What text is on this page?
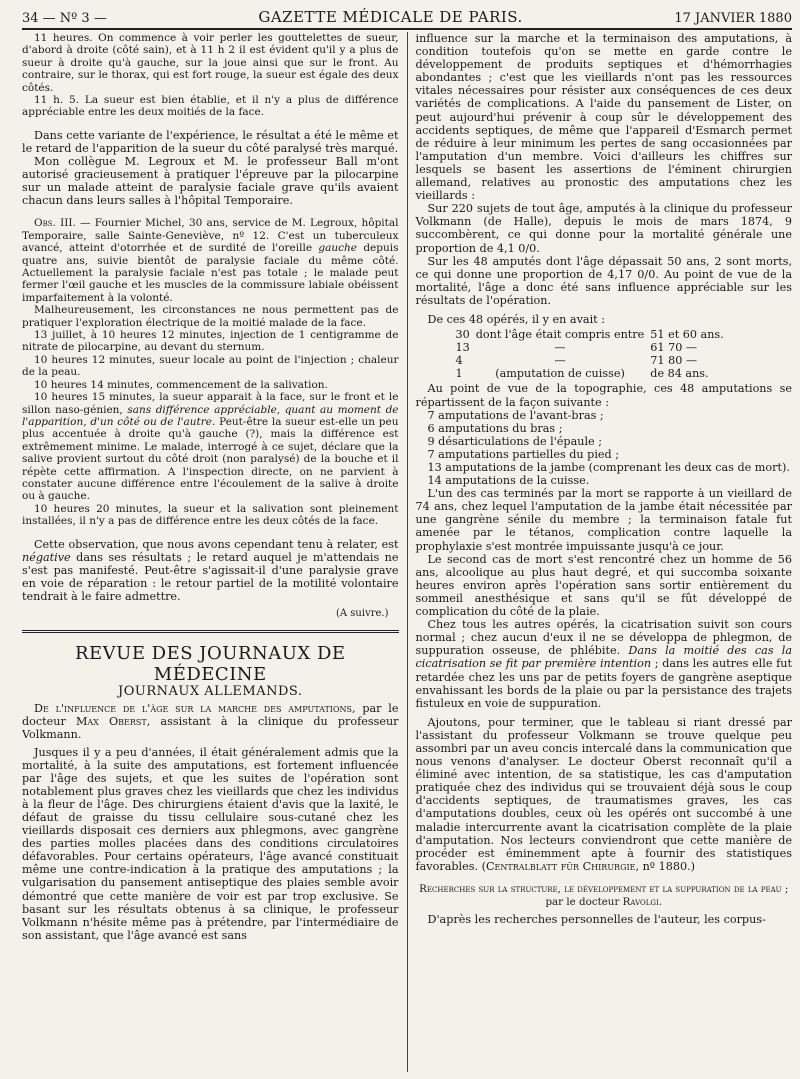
34 — Nº 3 —	GAZETTE MÉDICALE DE PARIS.	17 JANVIER 1880

11 heures. On commence à voir perler les gouttelettes de sueur, d'abord à droite (côté sain), et à 11 h 2 il est évident qu'il y a plus de sueur à droite qu'à gauche, sur la joue ainsi que sur le front. Au contraire, sur le thorax, qui est fort rouge, la sueur est égale des deux côtés.

11 h. 5. La sueur est bien établie, et il n'y a plus de différence appréciable entre les deux moitiés de la face.

Dans cette variante de l'expérience, le résultat a été le même et le retard de l'apparition de la sueur du côté paralysé très marqué.

Mon collègue M. Legroux et M. le professeur Ball m'ont autorisé gracieusement à pratiquer l'épreuve par la pilocarpine sur un malade atteint de paralysie faciale grave qu'ils avaient chacun dans leurs salles à l'hôpital Temporaire.

Obs. III. — Fournier Michel, 30 ans, service de M. Legroux, hôpital Temporaire, salle Sainte-Geneviève, nº 12. C'est un tuberculeux avancé, atteint d'otorrhée et de surdité de l'oreille gauche depuis quatre ans, suivie bientôt de paralysie faciale du même côté. Actuellement la paralysie faciale n'est pas totale ; le malade peut fermer l'œil gauche et les muscles de la commissure labiale obéissent imparfaitement à la volonté.

Malheureusement, les circonstances ne nous permettent pas de pratiquer l'exploration électrique de la moitié malade de la face.

13 juillet, à 10 heures 12 minutes, injection de 1 centigramme de nitrate de pilocarpine, au devant du sternum.

10 heures 12 minutes, sueur locale au point de l'injection ; chaleur de la peau.

10 heures 14 minutes, commencement de la salivation.

10 heures 15 minutes, la sueur apparait à la face, sur le front et le sillon naso-génien, sans différence appréciable, quant au moment de l'apparition, d'un côté ou de l'autre. Peut-être la sueur est-elle un peu plus accentuée à droite qu'à gauche (?), mais la différence est extrêmement minime. Le malade, interrogé à ce sujet, déclare que la salive provient surtout du côté droit (non paralysé) de la bouche et il répète cette affirmation. A l'inspection directe, on ne parvient à constater aucune différence entre l'écoulement de la salive à droite ou à gauche.

10 heures 20 minutes, la sueur et la salivation sont pleinement installées, il n'y a pas de différence entre les deux côtés de la face.

Cette observation, que nous avons cependant tenu à relater, est négative dans ses résultats ; le retard auquel je m'attendais ne s'est pas manifesté. Peut-être s'agissait-il d'une paralysie grave en voie de réparation : le retour partiel de la motilité volontaire tendrait à le faire admettre.

(A suivre.)
REVUE DES JOURNAUX DE MÉDECINE
JOURNAUX ALLEMANDS.

De l'influence de l'âge sur la marche des amputations, par le docteur Max Oberst, assistant à la clinique du professeur Volkmann.

Jusques il y a peu d'années, il était généralement admis que la mortalité, à la suite des amputations, est fortement influencée par l'âge des sujets, et que les suites de l'opération sont notablement plus graves chez les vieillards que chez les individus à la fleur de l'âge. Des chirurgiens étaient d'avis que la laxité, le défaut de graisse du tissu cellulaire sous-cutané chez les vieillards disposait ces derniers aux phlegmons, avec gangrène des parties molles placées dans des conditions circulatoires défavorables. Pour certains opérateurs, l'âge avancé constituait même une contre-indication à la pratique des amputations ; la vulgarisation du pansement antiseptique des plaies semble avoir démontré que cette manière de voir est par trop exclusive. Se basant sur les résultats obtenus à sa clinique, le professeur Volkmann n'hésite même pas à prétendre, par l'intermédiaire de son assistant, que l'âge avancé est sans

influence sur la marche et la terminaison des amputations, à condition toutefois qu'on se mette en garde contre le développement de produits septiques et d'hémorrhagies abondantes ; c'est que les vieillards n'ont pas les ressources vitales nécessaires pour résister aux conséquences de ces deux variétés de complications. A l'aide du pansement de Lister, on peut aujourd'hui prévenir à coup sûr le développement des accidents septiques, de même que l'appareil d'Esmarch permet de réduire à leur minimum les pertes de sang occasionnées par l'amputation d'un membre. Voici d'ailleurs les chiffres sur lesquels se basent les assertions de l'éminent chirurgien allemand, relatives au pronostic des amputations chez les vieillards :

Sur 220 sujets de tout âge, amputés à la clinique du professeur Volkmann (de Halle), depuis le mois de mars 1874, 9 succombèrent, ce qui donne pour la mortalité générale une proportion de 4,1 0/0.

Sur les 48 amputés dont l'âge dépassait 50 ans, 2 sont morts, ce qui donne une proportion de 4,17 0/0. Au point de vue de la mortalité, l'âge a donc été sans influence appréciable sur les résultats de l'opération.

De ces 48 opérés, il y en avait :

30	dont l'âge était compris entre	51 et 60 ans.
13	—	61 70 —
4	—	71 80 —
1	(amputation de cuisse)	de 84 ans.

Au point de vue de la topographie, ces 48 amputations se répartissent de la façon suivante :

7 amputations de l'avant-bras ;

6 amputations du bras ;

9 désarticulations de l'épaule ;

7 amputations partielles du pied ;

13 amputations de la jambe (comprenant les deux cas de mort).

14 amputations de la cuisse.

L'un des cas terminés par la mort se rapporte à un vieillard de 74 ans, chez lequel l'amputation de la jambe était nécessitée par une gangrène sénile du membre ; la terminaison fatale fut amenée par le tétanos, complication contre laquelle la prophylaxie s'est montrée impuissante jusqu'à ce jour.

Le second cas de mort s'est rencontré chez un homme de 56 ans, alcoolique au plus haut degré, et qui succomba soixante heures environ après l'opération sans sortir entièrement du sommeil anesthésique et sans qu'il se fût développé de complication du côté de la plaie.

Chez tous les autres opérés, la cicatrisation suivit son cours normal ; chez aucun d'eux il ne se développa de phlegmon, de suppuration osseuse, de phlébite. Dans la moitié des cas la cicatrisation se fit par première intention ; dans les autres elle fut retardée chez les uns par de petits foyers de gangrène aseptique envahissant les bords de la plaie ou par la persistance des trajets fistuleux en voie de suppuration.

Ajoutons, pour terminer, que le tableau si riant dressé par l'assistant du professeur Volkmann se trouve quelque peu assombri par un aveu concis intercalé dans la communication que nous venons d'analyser. Le docteur Oberst reconnaît qu'il a éliminé avec intention, de sa statistique, les cas d'amputation pratiquée chez des individus qui se trouvaient déjà sous le coup d'accidents septiques, de traumatismes graves, les cas d'amputations doubles, ceux où les opérés ont succombé à une maladie intercurrente avant la cicatrisation complète de la plaie d'amputation. Nos lecteurs conviendront que cette manière de procéder est éminemment apte à fournir des statistiques favorables. (Centralblatt für Chirurgie, nº 1880.)

Recherches sur la structure, le développement et la suppuration de la peau ; par le docteur Ravolgi.

D'après les recherches personnelles de l'auteur, les corpus-
